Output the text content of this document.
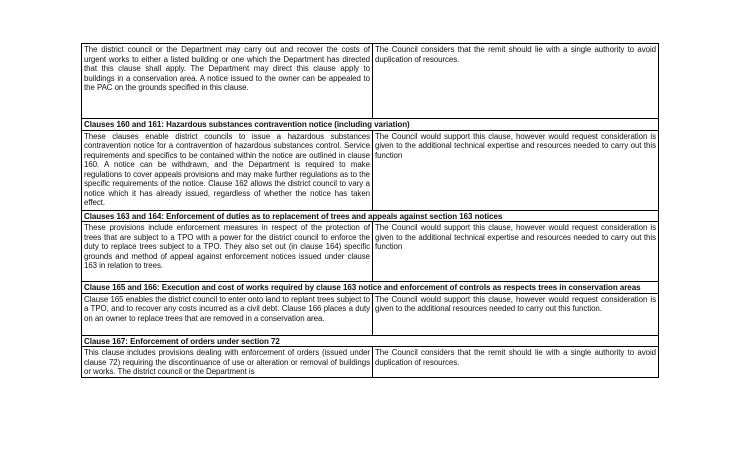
The district council or the Department may carry out and recover the costs of urgent works to either a listed building or one which the Department has directed that this clause shall apply. The Department may direct this clause apply to buildings in a conservation area. A notice issued to the owner can be appealed to the PAC on the grounds specified in this clause.	The Council considers that the remit should lie with a single authority to avoid duplication of resources.
Clauses 160 and 161: Hazardous substances contravention notice (including variation)	
These clauses enable district councils to issue a hazardous substances contravention notice for a contravention of hazardous substances control. Service requirements and specifics to be contained within the notice are outlined in clause 160. A notice can be withdrawn, and the Department is required to make regulations to cover appeals provisions and may make further regulations as to the specific requirements of the notice. Clause 162 allows the district council to vary a notice which it has already issued, regardless of whether the notice has taken effect.	The Council would support this clause, however would request consideration is given to the additional technical expertise and resources needed to carry out this function
Clauses 163 and 164: Enforcement of duties as to replacement of trees and appeals against section 163 notices	
These provisions include enforcement measures in respect of the protection of trees that are subject to a TPO with a power for the district council to enforce the duty to replace trees subject to a TPO. They also set out (in clause 164) specific grounds and method of appeal against enforcement notices issued under clause 163 in relation to trees.	The Council would support this clause, however would request consideration is given to the additional technical expertise and resources needed to carry out this function
Clause 165 and 166: Execution and cost of works required by clause 163 notice and enforcement of controls as respects trees in conservation areas	
Clause 165 enables the district council to enter onto land to replant trees subject to a TPO, and to recover any costs incurred as a civil debt. Clause 166 places a duty on an owner to replace trees that are removed in a conservation area.	The Council would support this clause, however would request consideration is given to the additional resources needed to carry out this function.
Clause 167: Enforcement of orders under section 72	
This clause includes provisions dealing with enforcement of orders (issued under clause 72) requiring the discontinuance of use or alteration or removal of buildings or works. The district council or the Department is	The Council considers that the remit should lie with a single authority to avoid duplication of resources.
